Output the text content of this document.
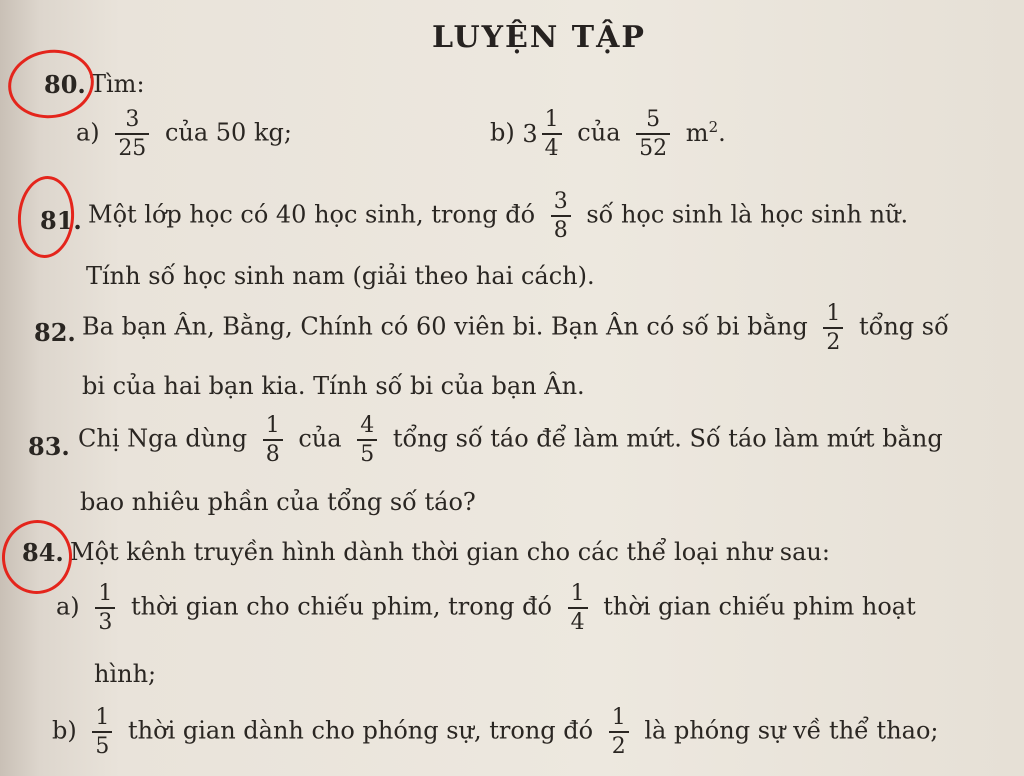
LUYỆN TẬP
80. Tìm:
$a) \frac{3}{25}$ của 50 kg;	b) $3 \frac{1}{4}$ của $\frac{5}{52} m^2$.
81. Một lớp học có 40 học sinh, trong đó $\frac{3}{8}$ số học sinh là học sinh nữ.
Tính số học sinh nam (giải theo hai cách).
82. Ba bạn Ân, Bằng, Chính có 60 viên bi. Bạn Ân có số bi bằng $\frac{1}{2}$ tổng số
bi của hai bạn kia. Tính số bi của bạn Ân.
83. Chị Nga dùng $\frac{1}{8}$ của $\frac{4}{5}$ tổng số táo để làm mứt. Số táo làm mứt bằng
bao nhiêu phần của tổng số táo?
84. Một kênh truyền hình dành thời gian cho các thể loại như sau:
$a) \frac{1}{3}$ thời gian cho chiếu phim, trong đó $\frac{1}{4}$ thời gian chiếu phim hoạt
hình;
$b) \frac{1}{5}$ thời gian dành cho phóng sự, trong đó $\frac{1}{2}$ là phóng sự về thể thao;
